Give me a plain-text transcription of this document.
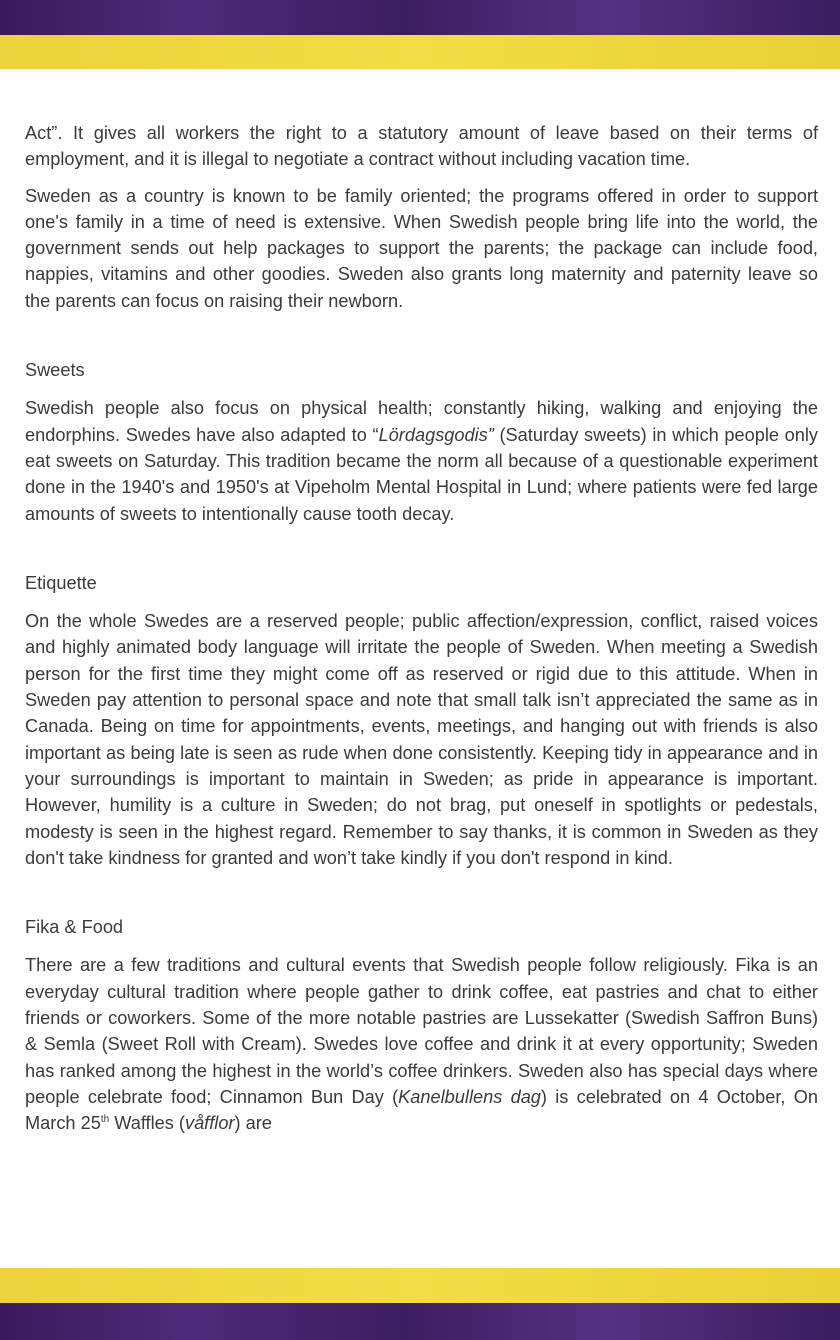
Act”. It gives all workers the right to a statutory amount of leave based on their terms of employment, and it is illegal to negotiate a contract without including vacation time.

Sweden as a country is known to be family oriented; the programs offered in order to support one's family in a time of need is extensive. When Swedish people bring life into the world, the government sends out help packages to support the parents; the package can include food, nappies, vitamins and other goodies. Sweden also grants long maternity and paternity leave so the parents can focus on raising their newborn.

Sweets

Swedish people also focus on physical health; constantly hiking, walking and enjoying the endorphins. Swedes have also adapted to “Lördagsgodis” (Saturday sweets) in which people only eat sweets on Saturday. This tradition became the norm all because of a questionable experiment done in the 1940's and 1950's at Vipeholm Mental Hospital in Lund; where patients were fed large amounts of sweets to intentionally cause tooth decay.

Etiquette

On the whole Swedes are a reserved people; public affection/expression, conflict, raised voices and highly animated body language will irritate the people of Sweden. When meeting a Swedish person for the first time they might come off as reserved or rigid due to this attitude. When in Sweden pay attention to personal space and note that small talk isn’t appreciated the same as in Canada. Being on time for appointments, events, meetings, and hanging out with friends is also important as being late is seen as rude when done consistently. Keeping tidy in appearance and in your surroundings is important to maintain in Sweden; as pride in appearance is important. However, humility is a culture in Sweden; do not brag, put oneself in spotlights or pedestals, modesty is seen in the highest regard. Remember to say thanks, it is common in Sweden as they don't take kindness for granted and won’t take kindly if you don't respond in kind.

Fika & Food

There are a few traditions and cultural events that Swedish people follow religiously. Fika is an everyday cultural tradition where people gather to drink coffee, eat pastries and chat to either friends or coworkers. Some of the more notable pastries are Lussekatter (Swedish Saffron Buns) & Semla (Sweet Roll with Cream). Swedes love coffee and drink it at every opportunity; Sweden has ranked among the highest in the world’s coffee drinkers. Sweden also has special days where people celebrate food; Cinnamon Bun Day (Kanelbullens dag) is celebrated on 4 October, On March 25th Waffles (våfflor) are
